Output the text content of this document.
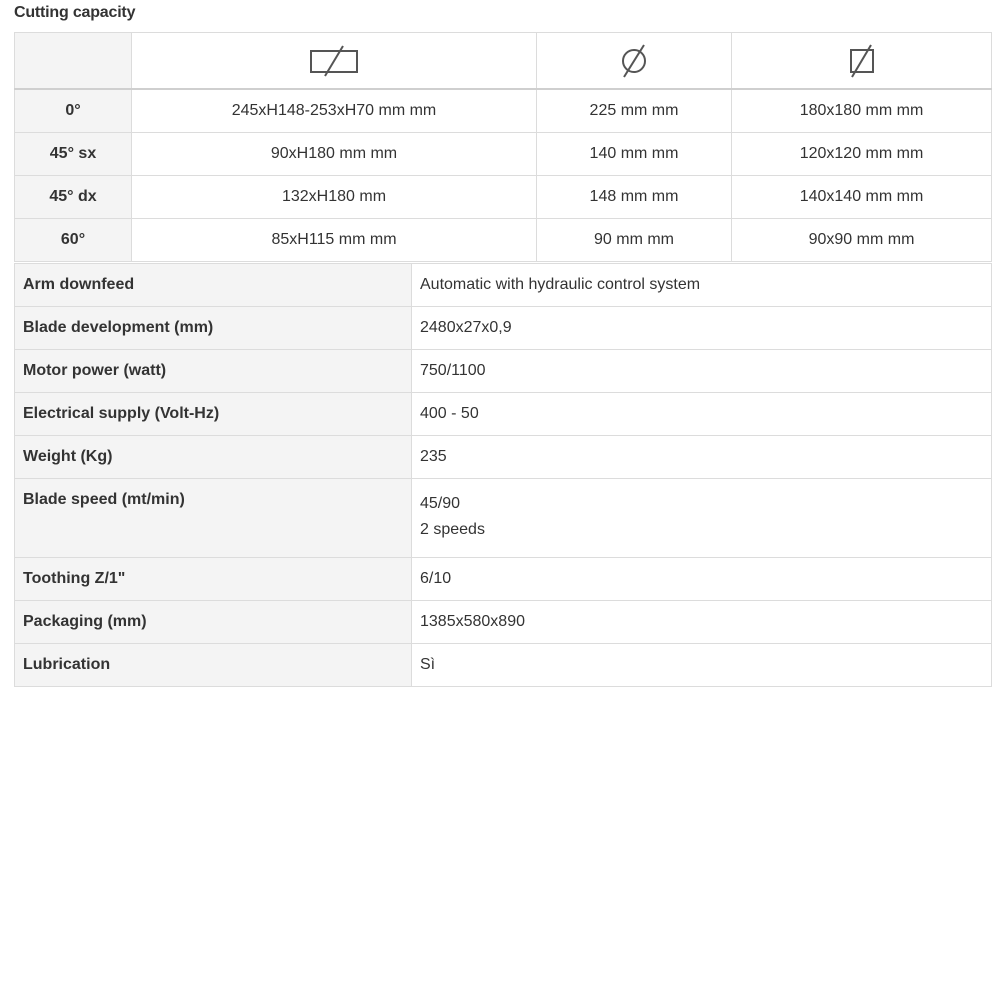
Cutting capacity

0°	245xH148-253xH70 mm mm	225 mm mm	180x180 mm mm
45° sx	90xH180 mm mm	140 mm mm	120x120 mm mm
45° dx	132xH180 mm	148 mm mm	140x140 mm mm
60°	85xH115 mm mm	90 mm mm	90x90 mm mm
Arm downfeed	Automatic with hydraulic control system
Blade development (mm)	2480x27x0,9
Motor power (watt)	750/1100
Electrical supply (Volt-Hz)	400 - 50
Weight (Kg)	235
Blade speed (mt/min)	45/90
2 speeds

Toothing Z/1"	6/10
Packaging (mm)	1385x580x890
Lubrication	Sì
